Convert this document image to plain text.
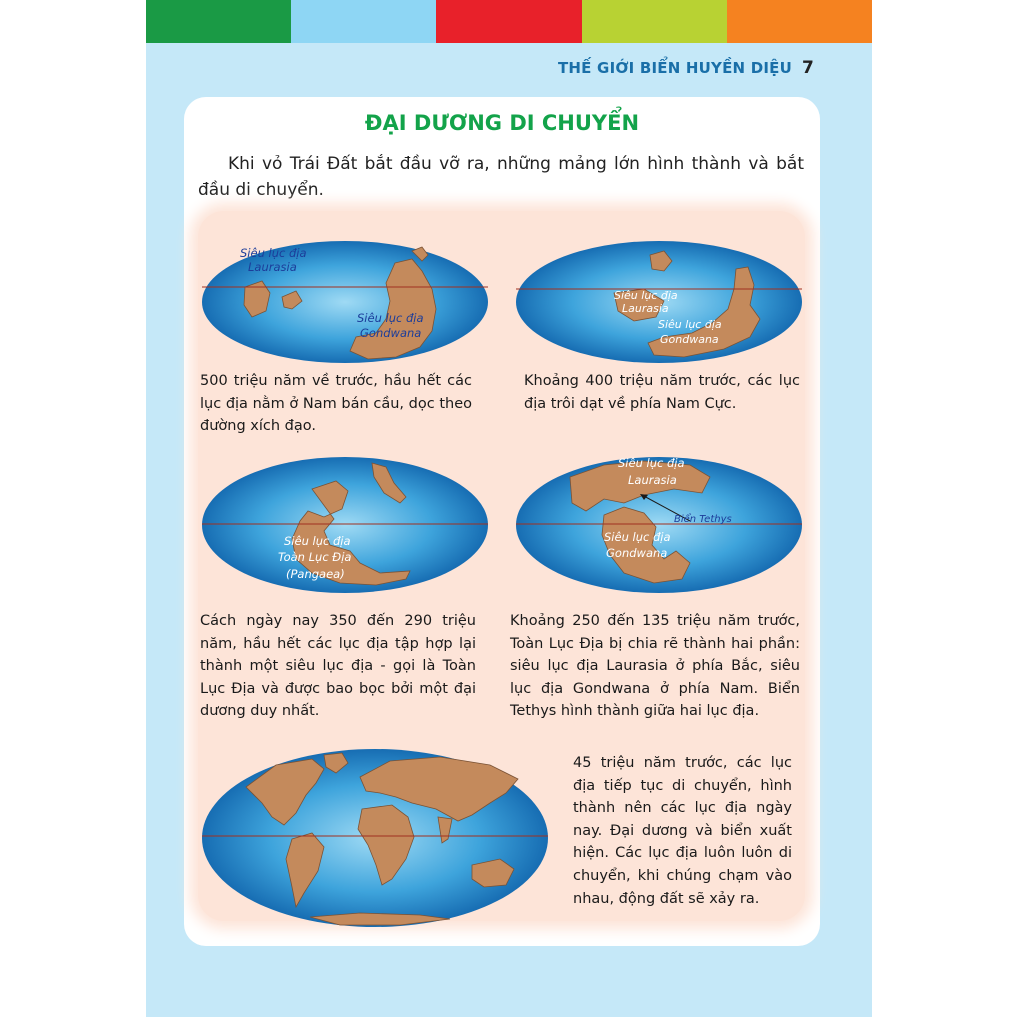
THẾ GIỚI BIỂN HUYỀN DIỆU 7
ĐẠI DƯƠNG DI CHUYỂN
Khi vỏ Trái Đất bắt đầu vỡ ra, những mảng lớn hình thành và bắt đầu di chuyển.
Siêu lục địa
Laurasia
Siêu lục địa
Gondwana
Siêu lục địa
Laurasia
Siêu lục địa
Gondwana
500 triệu năm về trước, hầu hết các lục địa nằm ở Nam bán cầu, dọc theo đường xích đạo.
Khoảng 400 triệu năm trước, các lục địa trôi dạt về phía Nam Cực.
Siêu lục địa
Toàn Lục Địa
(Pangaea)
Siêu lục địa
Laurasia
Biển Tethys
Siêu lục địa
Gondwana
Cách ngày nay 350 đến 290 triệu năm, hầu hết các lục địa tập hợp lại thành một siêu lục địa - gọi là Toàn Lục Địa và được bao bọc bởi một đại dương duy nhất.
Khoảng 250 đến 135 triệu năm trước, Toàn Lục Địa bị chia rẽ thành hai phần: siêu lục địa Laurasia ở phía Bắc, siêu lục địa Gondwana ở phía Nam. Biển Tethys hình thành giữa hai lục địa.
45 triệu năm trước, các lục địa tiếp tục di chuyển, hình thành nên các lục địa ngày nay. Đại dương và biển xuất hiện. Các lục địa luôn luôn di chuyển, khi chúng chạm vào nhau, động đất sẽ xảy ra.
